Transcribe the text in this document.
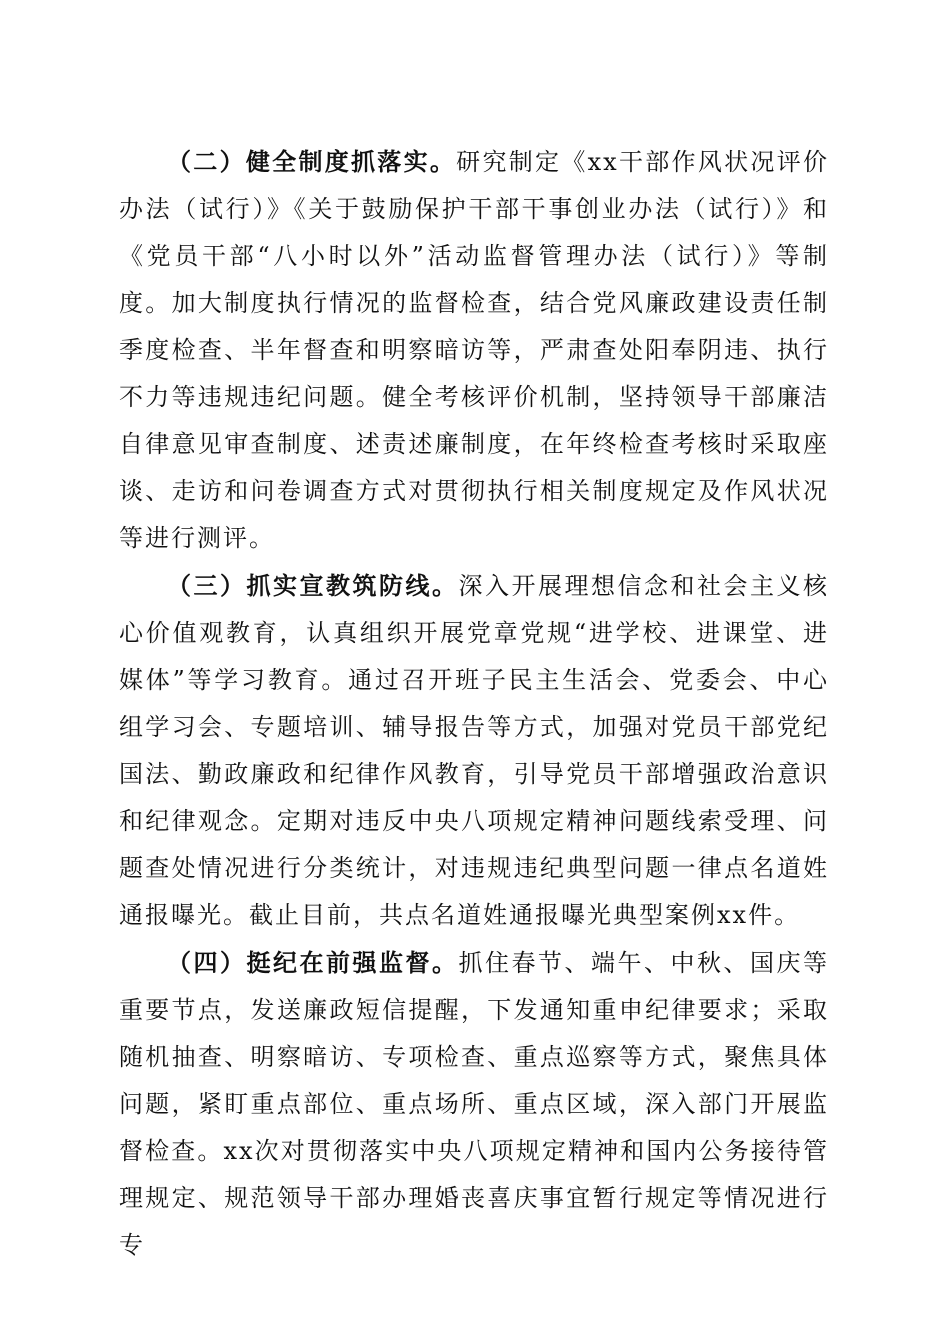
（二）健全制度抓落实。研究制定《xx干部作风状况评价办法（试行）》《关于鼓励保护干部干事创业办法（试行）》和《党员干部“八小时以外”活动监督管理办法（试行）》等制度。加大制度执行情况的监督检查，结合党风廉政建设责任制季度检查、半年督查和明察暗访等，严肃查处阳奉阴违、执行不力等违规违纪问题。健全考核评价机制，坚持领导干部廉洁自律意见审查制度、述责述廉制度，在年终检查考核时采取座谈、走访和问卷调查方式对贯彻执行相关制度规定及作风状况等进行测评。

（三）抓实宣教筑防线。深入开展理想信念和社会主义核心价值观教育，认真组织开展党章党规“进学校、进课堂、进媒体”等学习教育。通过召开班子民主生活会、党委会、中心组学习会、专题培训、辅导报告等方式，加强对党员干部党纪国法、勤政廉政和纪律作风教育，引导党员干部增强政治意识和纪律观念。定期对违反中央八项规定精神问题线索受理、问题查处情况进行分类统计，对违规违纪典型问题一律点名道姓通报曝光。截止目前，共点名道姓通报曝光典型案例xx件。

（四）挺纪在前强监督。抓住春节、端午、中秋、国庆等重要节点，发送廉政短信提醒，下发通知重申纪律要求；采取随机抽查、明察暗访、专项检查、重点巡察等方式，聚焦具体问题，紧盯重点部位、重点场所、重点区域，深入部门开展监督检查。xx次对贯彻落实中央八项规定精神和国内公务接待管理规定、规范领导干部办理婚丧喜庆事宜暂行规定等情况进行专
